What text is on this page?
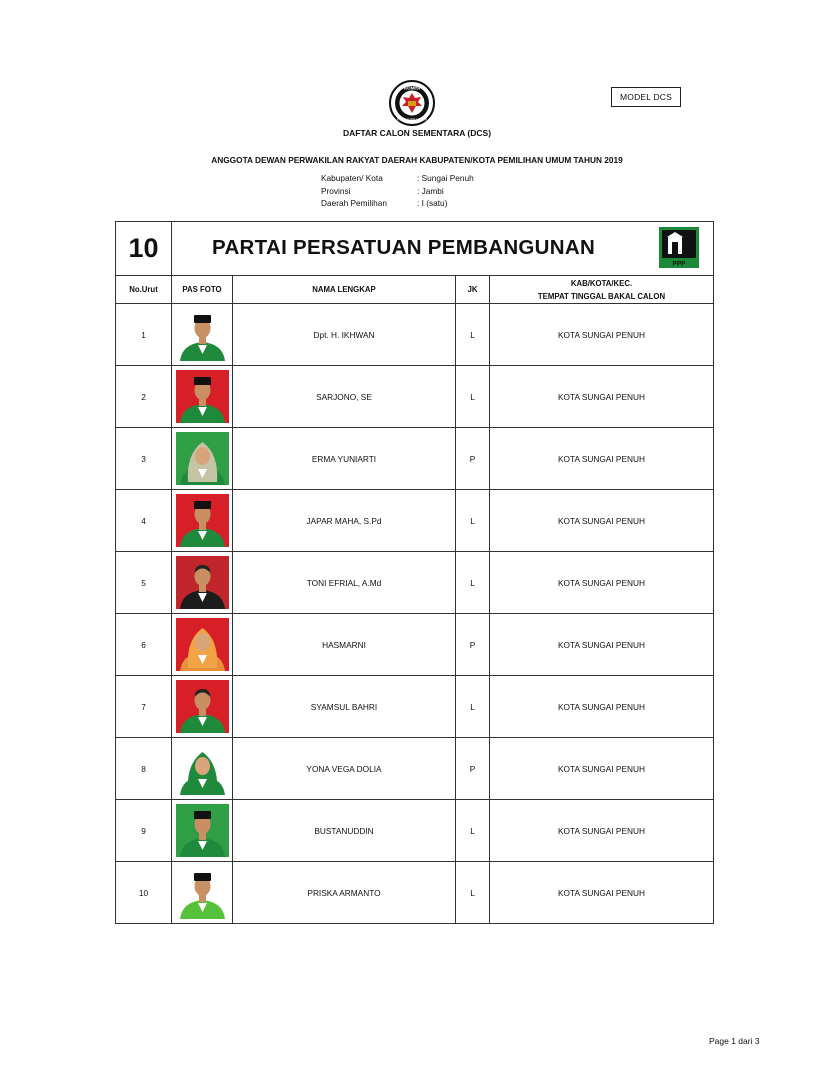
KOMISI
PEMILIHAN UMUM
MODEL DCS
DAFTAR CALON SEMENTARA (DCS)
ANGGOTA DEWAN PERWAKILAN RAKYAT DAERAH KABUPATEN/KOTA PEMILIHAN UMUM TAHUN 2019
Kabupaten/ Kota	: Sungai Penuh
Provinsi	: Jambi
Daerah Pemilihan	: I (satu)
10	PARTAI PERSATUAN PEMBANGUNAN
PPP			

No.Urut	PAS FOTO	NAMA LENGKAP	JK	KAB/KOTA/KEC.
TEMPAT TINGGAL BAKAL CALON

1		Dpt. H. IKHWAN	L	KOTA SUNGAI PENUH
2		SARJONO, SE	L	KOTA SUNGAI PENUH
3		ERMA YUNIARTI	P	KOTA SUNGAI PENUH
4		JAPAR MAHA, S.Pd	L	KOTA SUNGAI PENUH
5		TONI EFRIAL, A.Md	L	KOTA SUNGAI PENUH
6		HASMARNI	P	KOTA SUNGAI PENUH
7		SYAMSUL BAHRI	L	KOTA SUNGAI PENUH
8		YONA VEGA DOLIA	P	KOTA SUNGAI PENUH
9		BUSTANUDDIN	L	KOTA SUNGAI PENUH
10		PRISKA ARMANTO	L	KOTA SUNGAI PENUH
Page 1 dari 3
